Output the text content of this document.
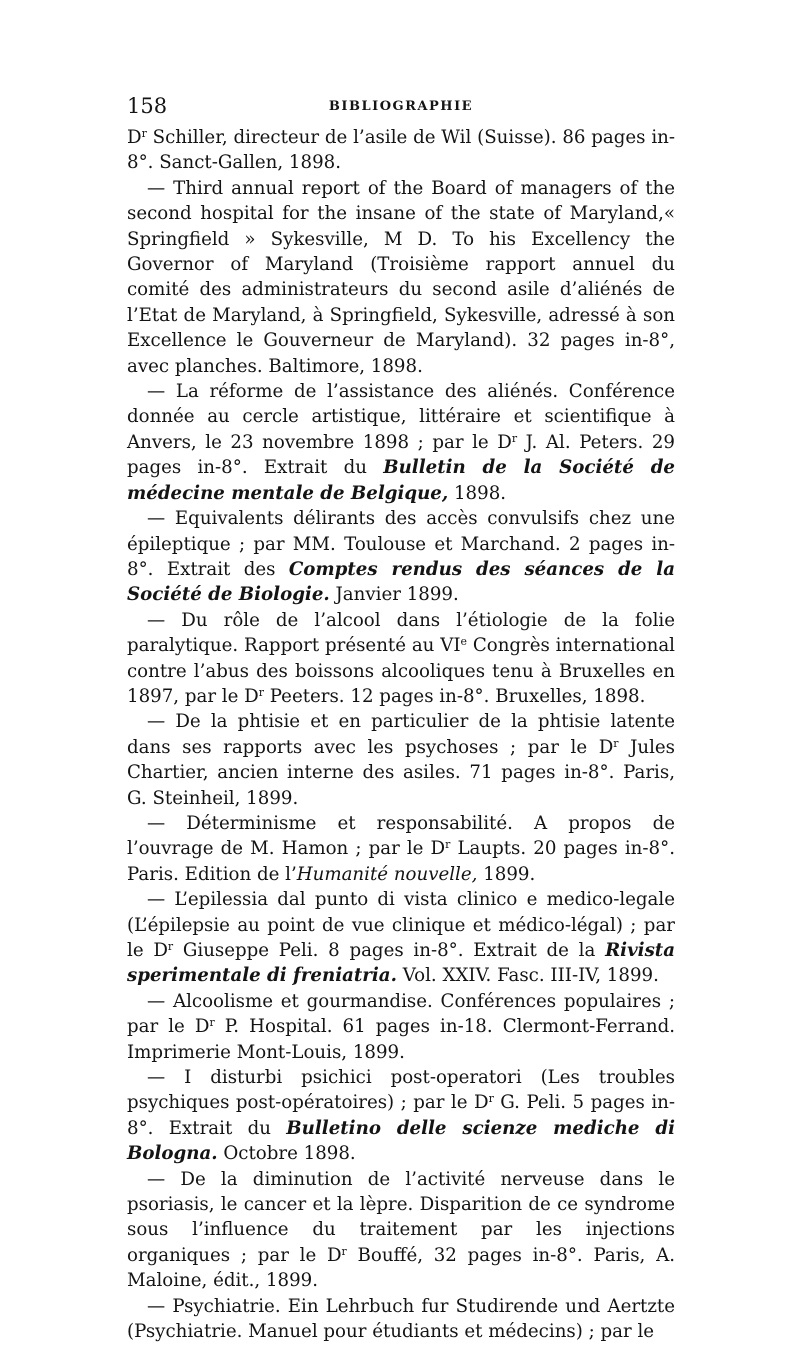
158	BIBLIOGRAPHIE

$D^r$ Schiller, directeur de l’asile de Wil (Suisse). 86 pages in-8°. Sanct-Gallen, 1898.

— Third annual report of the Board of managers of the second hospital for the insane of the state of Maryland,« Springfield » Sykesville, M D. To his Excellency the Governor of Maryland (Troisième rapport annuel du comité des administrateurs du second asile d’aliénés de l’Etat de Maryland, à Springfield, Sykesville, adressé à son Excellence le Gouverneur de Maryland). 32 pages in-8°, avec planches. Baltimore, 1898.

— La réforme de l’assistance des aliénés. Conférence donnée au cercle artistique, littéraire et scientifique à Anvers, le 23 novembre 1898 ; par le $D^r$ J. Al. Peters. 29 pages in-8°. Extrait du Bulletin de la Société de médecine mentale de Belgique, 1898.

— Equivalents délirants des accès convulsifs chez une épileptique ; par MM. Toulouse et Marchand. 2 pages in-8°. Extrait des Comptes rendus des séances de la Société de Biologie. Janvier 1899.

— Du rôle de l’alcool dans l’étiologie de la folie paralytique. Rapport présenté au VIe Congrès international contre l’abus des boissons alcooliques tenu à Bruxelles en 1897, par le $D^r$ Peeters. 12 pages in-8°. Bruxelles, 1898.

— De la phtisie et en particulier de la phtisie latente dans ses rapports avec les psychoses ; par le $D^r$ Jules Chartier, ancien interne des asiles. 71 pages in-8°. Paris, G. Steinheil, 1899.

— Déterminisme et responsabilité. A propos de l’ouvrage de M. Hamon ; par le $D^r$ Laupts. 20 pages in-8°. Paris. Edition de l’Humanité nouvelle, 1899.

— L’epilessia dal punto di vista clinico e medico-legale (L’épilepsie au point de vue clinique et médico-légal) ; par le $D^r$ Giuseppe Peli. 8 pages in-8°. Extrait de la Rivista sperimentale di freniatria. Vol. XXIV. Fasc. III-IV, 1899.

— Alcoolisme et gourmandise. Conférences populaires ; par le $D^r$ P. Hospital. 61 pages in-18. Clermont-Ferrand. Imprimerie Mont-Louis, 1899.

— I disturbi psichici post-operatori (Les troubles psychiques post-opératoires) ; par le $D^r$ G. Peli. 5 pages in-8°. Extrait du Bulletino delle scienze mediche di Bologna. Octobre 1898.

— De la diminution de l’activité nerveuse dans le psoriasis, le cancer et la lèpre. Disparition de ce syndrome sous l’influence du traitement par les injections organiques ; par le $D^r$ Bouffé, 32 pages in-8°. Paris, A. Maloine, édit., 1899.

— Psychiatrie. Ein Lehrbuch fur Studirende und Aertzte (Psychiatrie. Manuel pour étudiants et médecins) ; par le
